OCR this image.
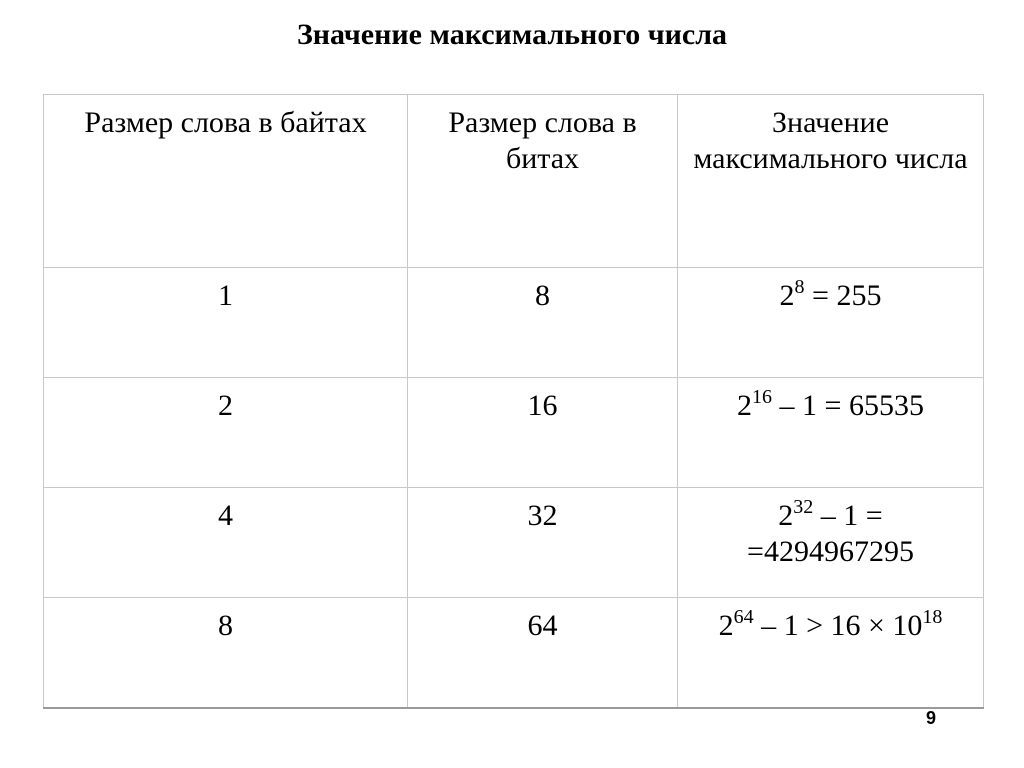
Значение максимального числа
Размер слова в байтах	Размер слова в битах	Значение максимального числа
1	8	$2^8 = 255$
2	16	$2^{16} - 1 = 65535$
4	32	$2^{32} - 1$ =
=4294967295
8	64	$2^{64} - 1 > 16 \times 10^{18}$
9
